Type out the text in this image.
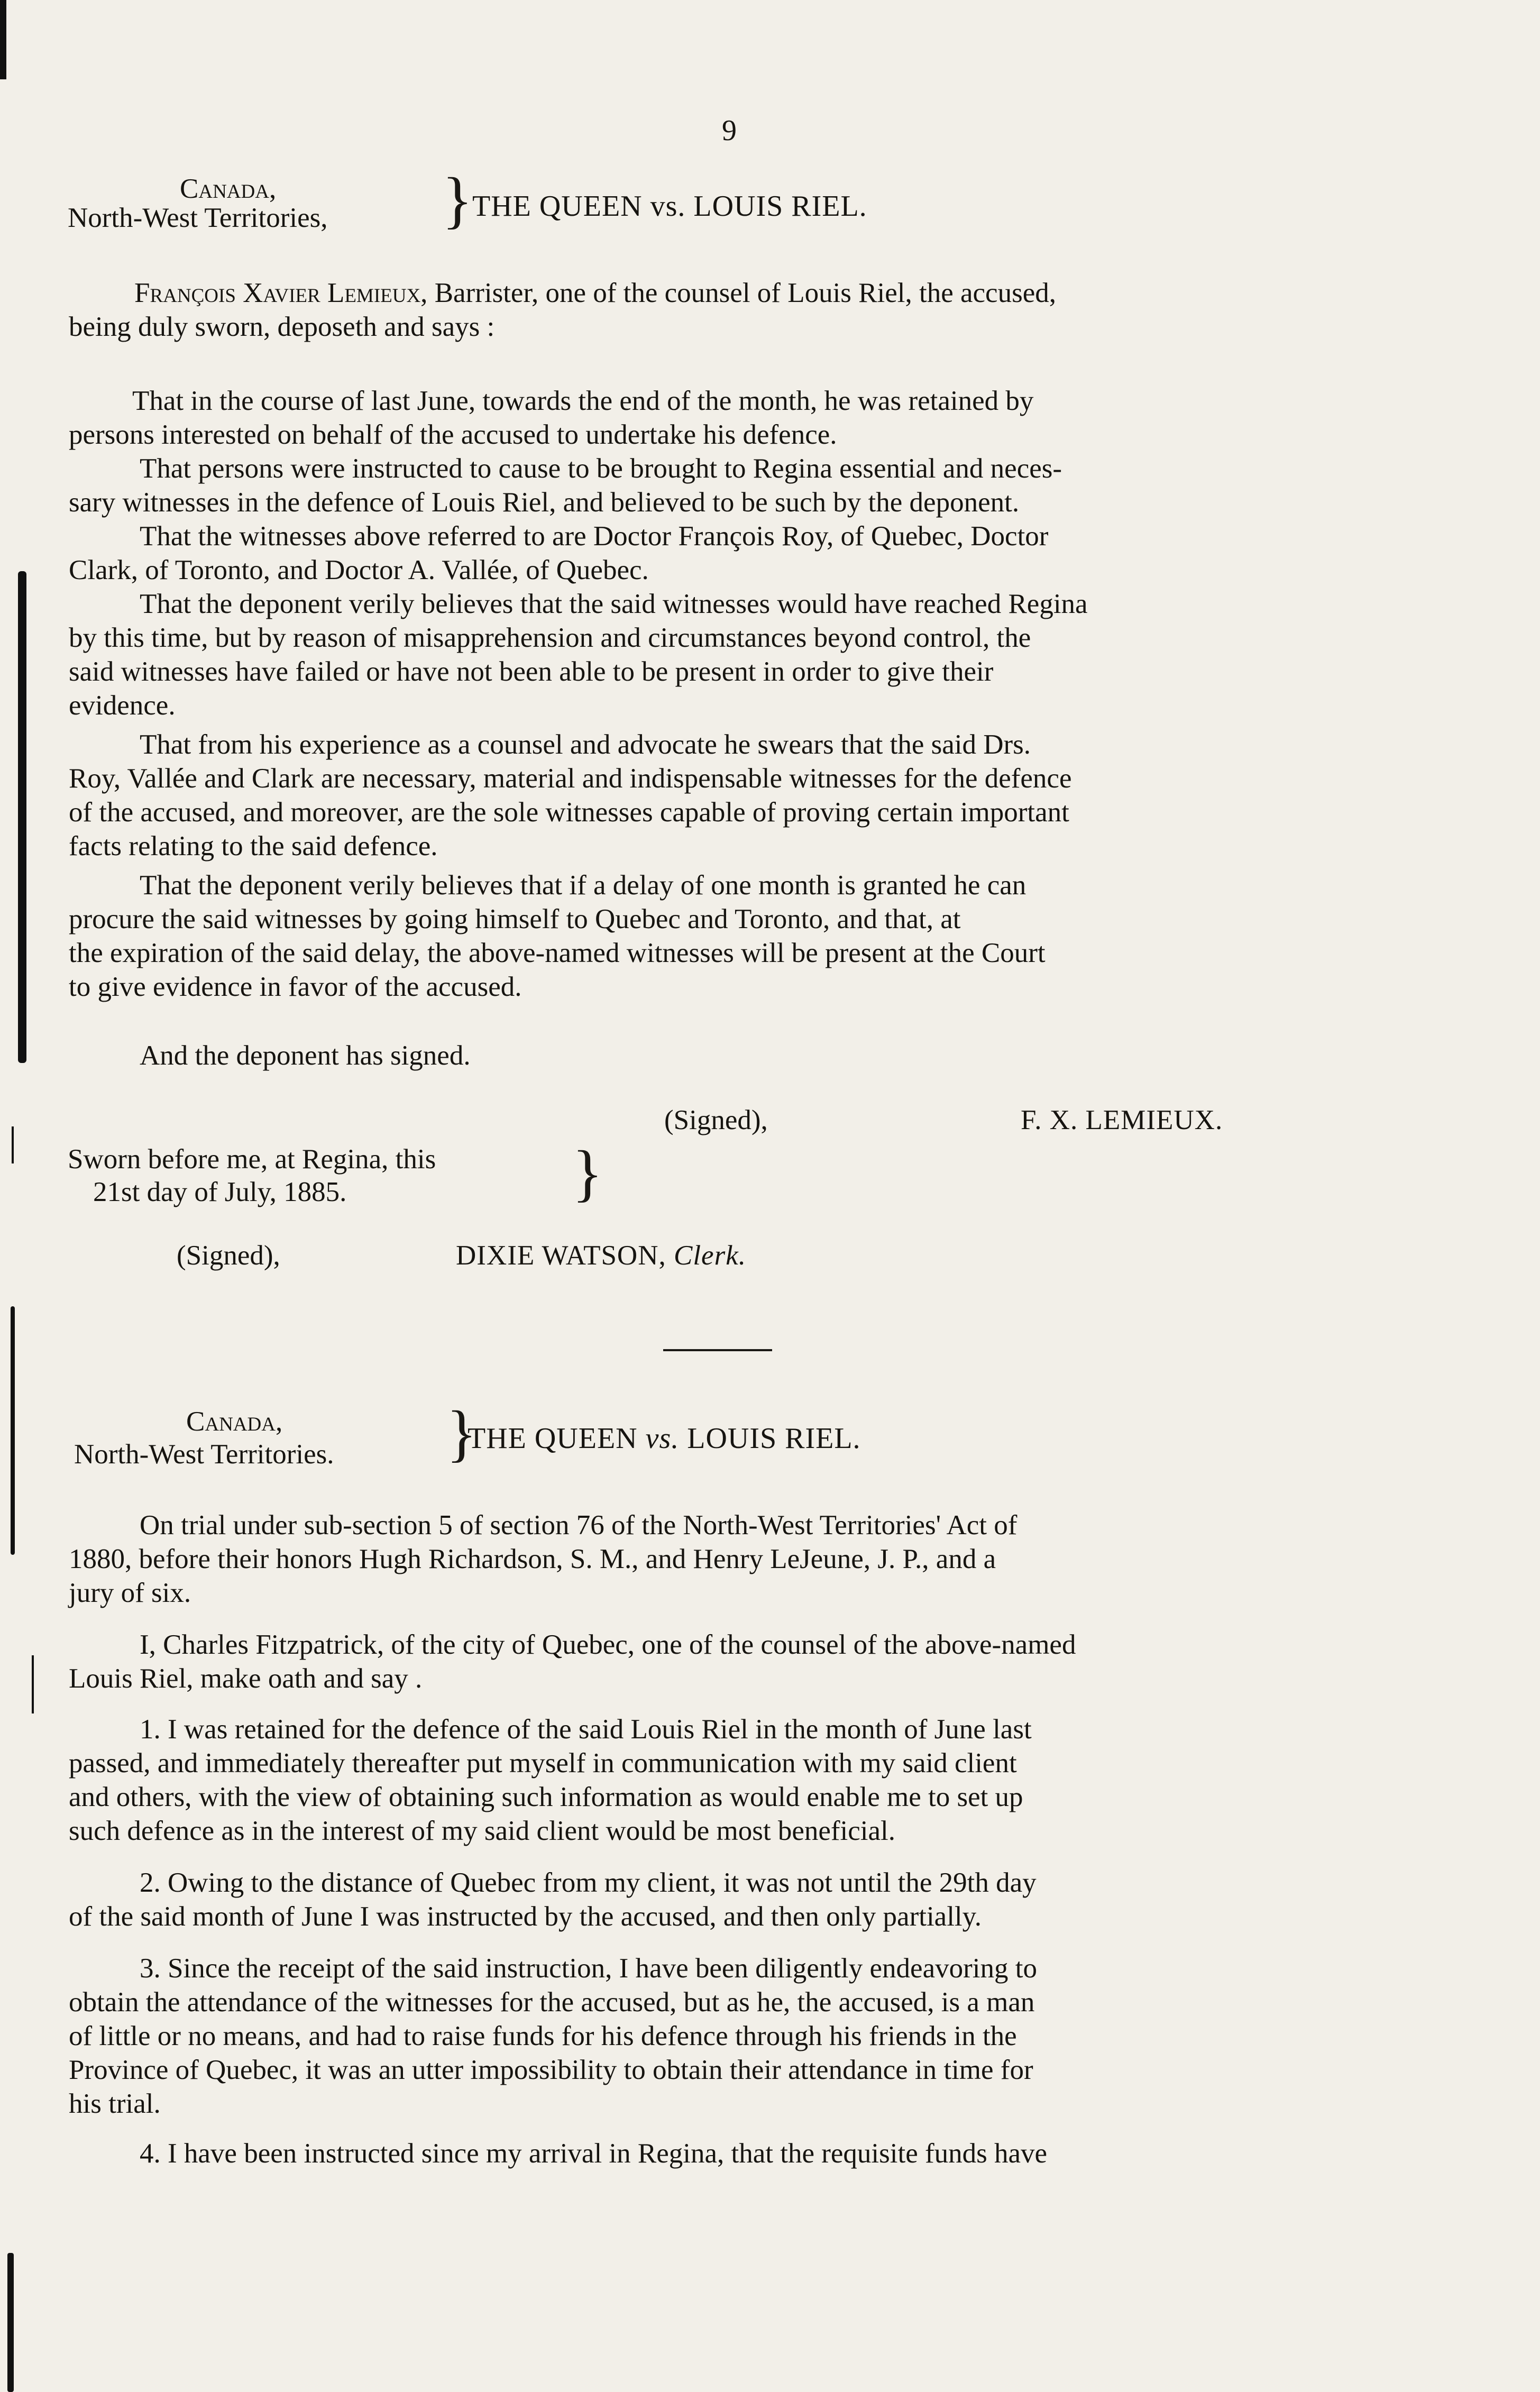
9
Canada,
North-West Territories, } THE QUEEN vs. LOUIS RIEL.
François Xavier Lemieux, Barrister, one of the counsel of Louis Riel, the accused,
being duly sworn, deposeth and says :
That in the course of last June, towards the end of the month, he was retained by
persons interested on behalf of the accused to undertake his defence.
That persons were instructed to cause to be brought to Regina essential and neces-
sary witnesses in the defence of Louis Riel, and believed to be such by the deponent.
That the witnesses above referred to are Doctor François Roy, of Quebec, Doctor
Clark, of Toronto, and Doctor A. Vallée, of Quebec.
That the deponent verily believes that the said witnesses would have reached Regina
by this time, but by reason of misapprehension and circumstances beyond control, the
said witnesses have failed or have not been able to be present in order to give their
evidence.
That from his experience as a counsel and advocate he swears that the said Drs.
Roy, Vallée and Clark are necessary, material and indispensable witnesses for the defence
of the accused, and moreover, are the sole witnesses capable of proving certain important
facts relating to the said defence.
That the deponent verily believes that if a delay of one month is granted he can
procure the said witnesses by going himself to Quebec and Toronto, and that, at
the expiration of the said delay, the above-named witnesses will be present at the Court
to give evidence in favor of the accused.
And the deponent has signed.
(Signed),	F. X. LEMIEUX.
Sworn before me, at Regina, this
21st day of July, 1885.	}
(Signed),	DIXIE WATSON, Clerk.
Canada,
North-West Territories. }
THE QUEEN vs. LOUIS RIEL.
On trial under sub-section 5 of section 76 of the North-West Territories' Act of
1880, before their honors Hugh Richardson, S. M., and Henry LeJeune, J. P., and a
jury of six.
I, Charles Fitzpatrick, of the city of Quebec, one of the counsel of the above-named
Louis Riel, make oath and say .
1. I was retained for the defence of the said Louis Riel in the month of June last
passed, and immediately thereafter put myself in communication with my said client
and others, with the view of obtaining such information as would enable me to set up
such defence as in the interest of my said client would be most beneficial.
2. Owing to the distance of Quebec from my client, it was not until the 29th day
of the said month of June I was instructed by the accused, and then only partially.
3. Since the receipt of the said instruction, I have been diligently endeavoring to
obtain the attendance of the witnesses for the accused, but as he, the accused, is a man
of little or no means, and had to raise funds for his defence through his friends in the
Province of Quebec, it was an utter impossibility to obtain their attendance in time for
his trial.
4. I have been instructed since my arrival in Regina, that the requisite funds have
